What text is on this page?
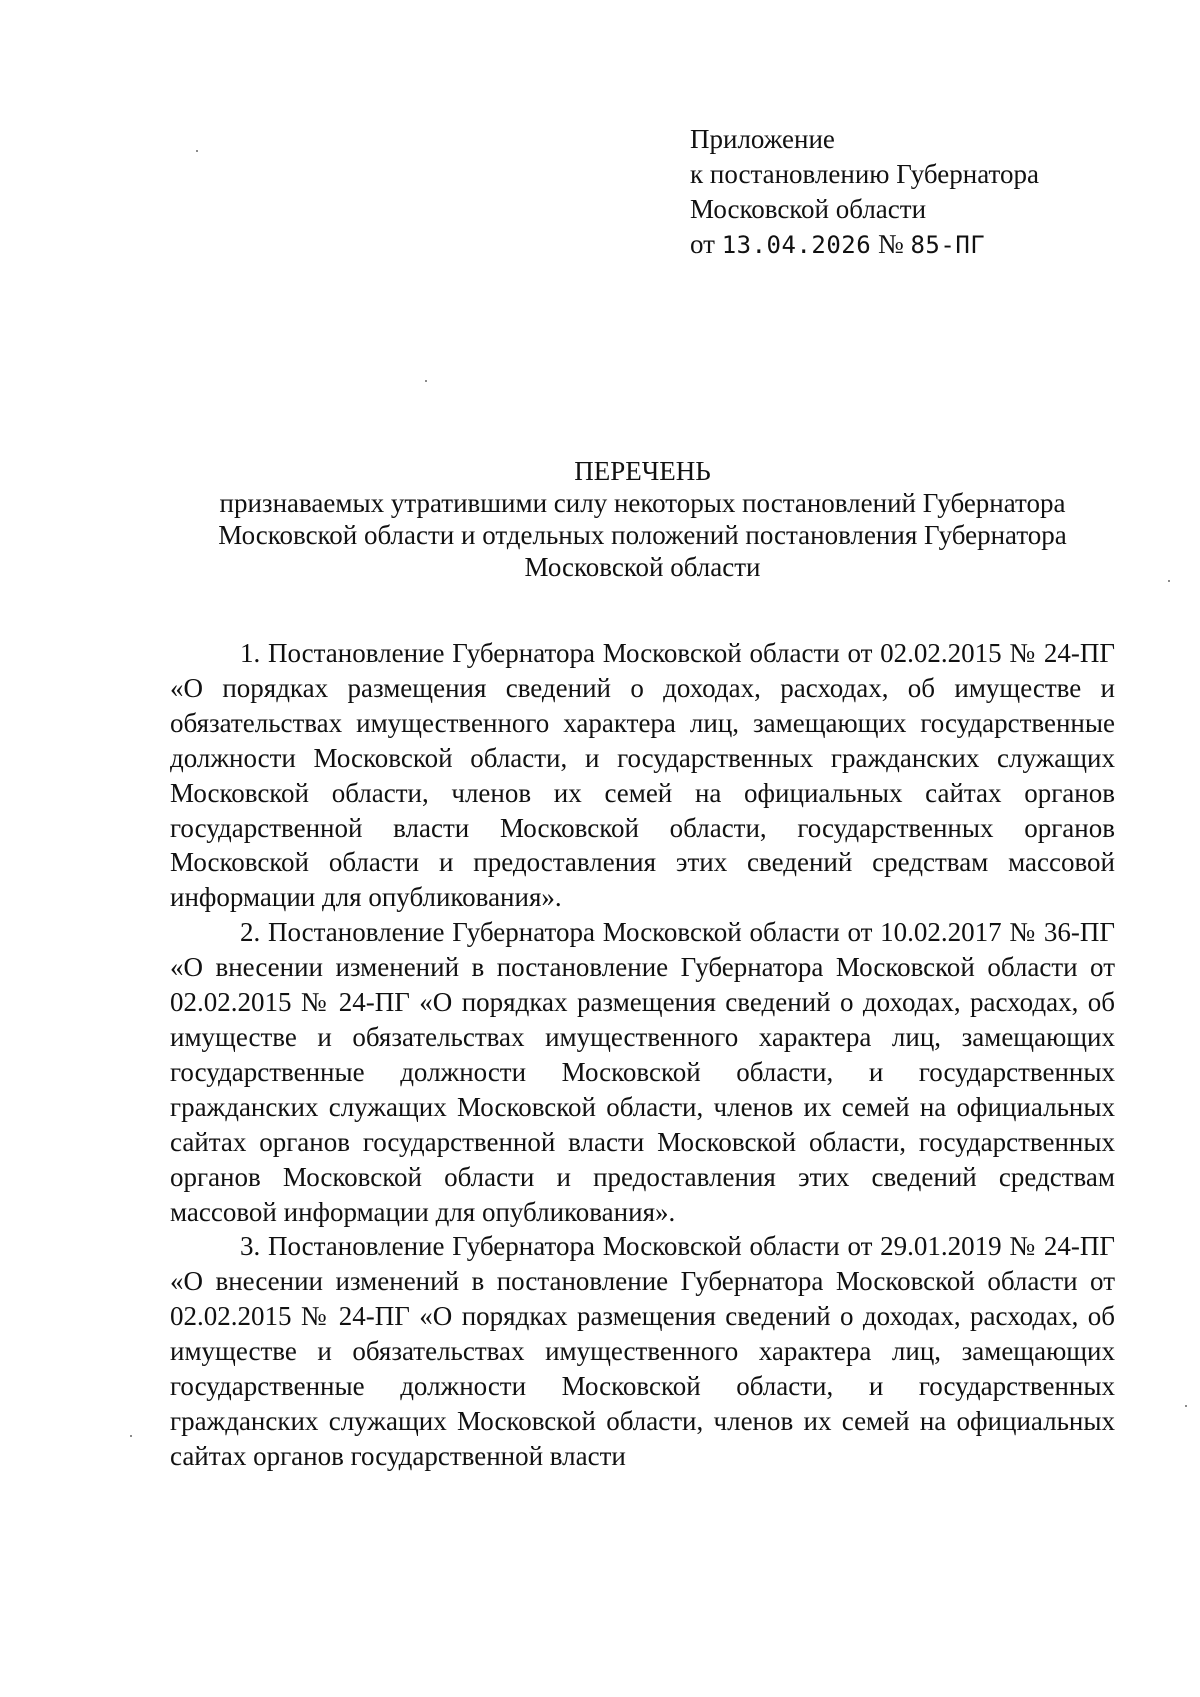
Приложение
к постановлению Губернатора
Московской области
от 13.04.2026 № 85-ПГ
ПЕРЕЧЕНЬ
признаваемых утратившими силу некоторых постановлений Губернатора Московской области и отдельных положений постановления Губернатора Московской области

1. Постановление Губернатора Московской области от 02.02.2015 № 24-ПГ «О порядках размещения сведений о доходах, расходах, об имуществе и обязательствах имущественного характера лиц, замещающих государственные должности Московской области, и государственных гражданских служащих Московской области, членов их семей на официальных сайтах органов государственной власти Московской области, государственных органов Московской области и предоставления этих сведений средствам массовой информации для опубликования».

2. Постановление Губернатора Московской области от 10.02.2017 № 36-ПГ «О внесении изменений в постановление Губернатора Московской области от 02.02.2015 № 24-ПГ «О порядках размещения сведений о доходах, расходах, об имуществе и обязательствах имущественного характера лиц, замещающих государственные должности Московской области, и государственных гражданских служащих Московской области, членов их семей на официальных сайтах органов государственной власти Московской области, государственных органов Московской области и предоставления этих сведений средствам массовой информации для опубликования».

3. Постановление Губернатора Московской области от 29.01.2019 № 24-ПГ «О внесении изменений в постановление Губернатора Московской области от 02.02.2015 № 24-ПГ «О порядках размещения сведений о доходах, расходах, об имуществе и обязательствах имущественного характера лиц, замещающих государственные должности Московской области, и государственных гражданских служащих Московской области, членов их семей на официальных сайтах органов государственной власти
